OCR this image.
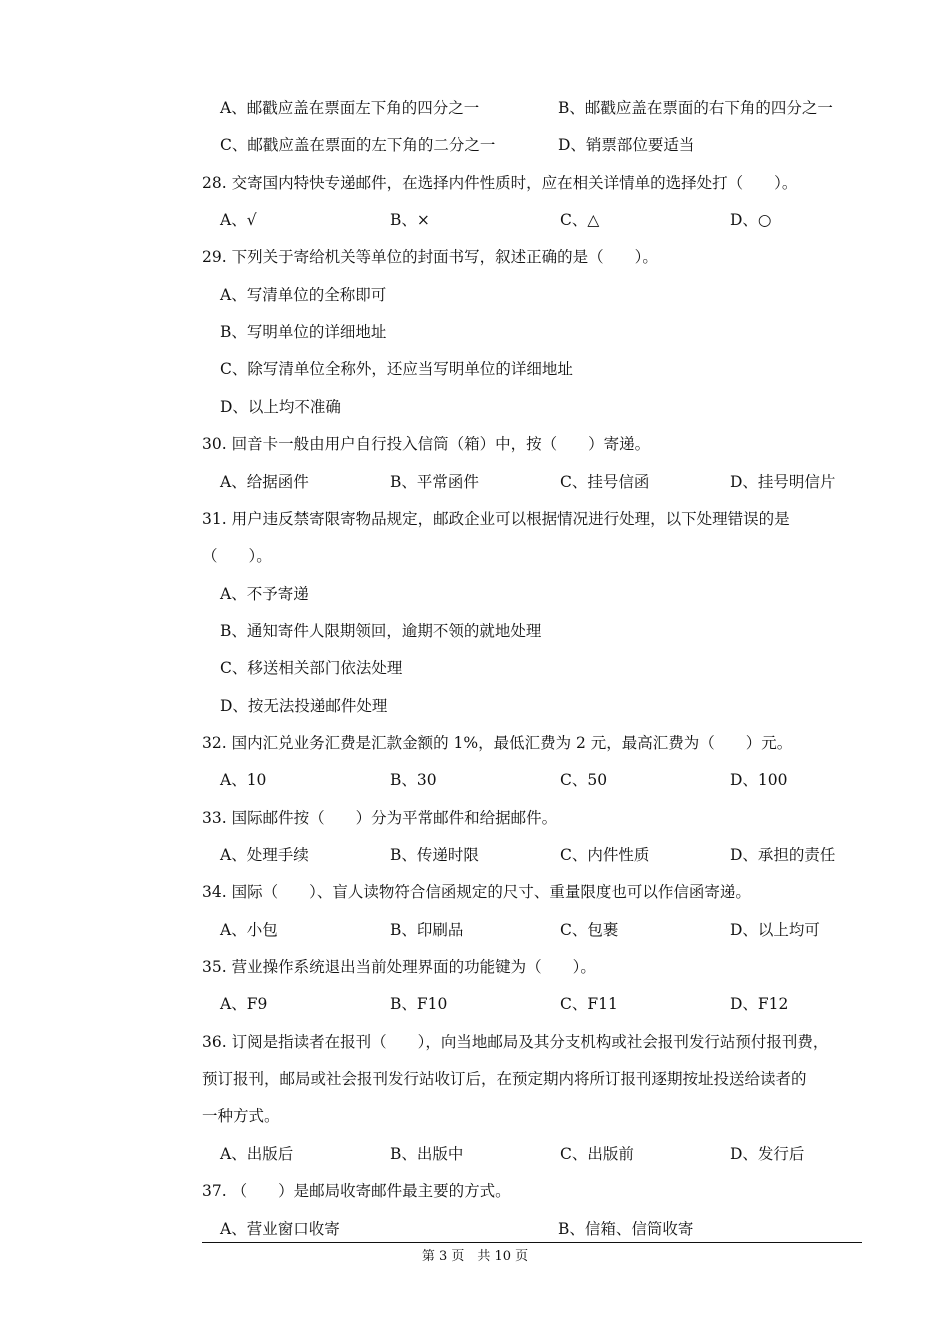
A、邮戳应盖在票面左下角的四分之一	B、邮戳应盖在票面的右下角的四分之一
C、邮戳应盖在票面的左下角的二分之一	D、销票部位要适当
28. 交寄国内特快专递邮件，在选择内件性质时，应在相关详情单的选择处打（　　）。
A、√	B、×	C、△	D、○
29. 下列关于寄给机关等单位的封面书写，叙述正确的是（　　）。
A、写清单位的全称即可
B、写明单位的详细地址
C、除写清单位全称外，还应当写明单位的详细地址
D、以上均不准确
30. 回音卡一般由用户自行投入信筒（箱）中，按（　　）寄递。
A、给据函件	B、平常函件	C、挂号信函	D、挂号明信片
31. 用户违反禁寄限寄物品规定，邮政企业可以根据情况进行处理，以下处理错误的是
（　　）。
A、不予寄递
B、通知寄件人限期领回，逾期不领的就地处理
C、移送相关部门依法处理
D、按无法投递邮件处理
32. 国内汇兑业务汇费是汇款金额的 1%，最低汇费为 2 元，最高汇费为（　　）元。
A、10	B、30	C、50	D、100
33. 国际邮件按（　　）分为平常邮件和给据邮件。
A、处理手续	B、传递时限	C、内件性质	D、承担的责任
34. 国际（　　）、盲人读物符合信函规定的尺寸、重量限度也可以作信函寄递。
A、小包	B、印刷品	C、包裹	D、以上均可
35. 营业操作系统退出当前处理界面的功能键为（　　）。
A、F9	B、F10	C、F11	D、F12
36. 订阅是指读者在报刊（　　），向当地邮局及其分支机构或社会报刊发行站预付报刊费，
预订报刊，邮局或社会报刊发行站收订后，在预定期内将所订报刊逐期按址投送给读者的
一种方式。
A、出版后	B、出版中	C、出版前	D、发行后
37. （　　）是邮局收寄邮件最主要的方式。
A、营业窗口收寄	B、信箱、信筒收寄
第 3 页　共 10 页
